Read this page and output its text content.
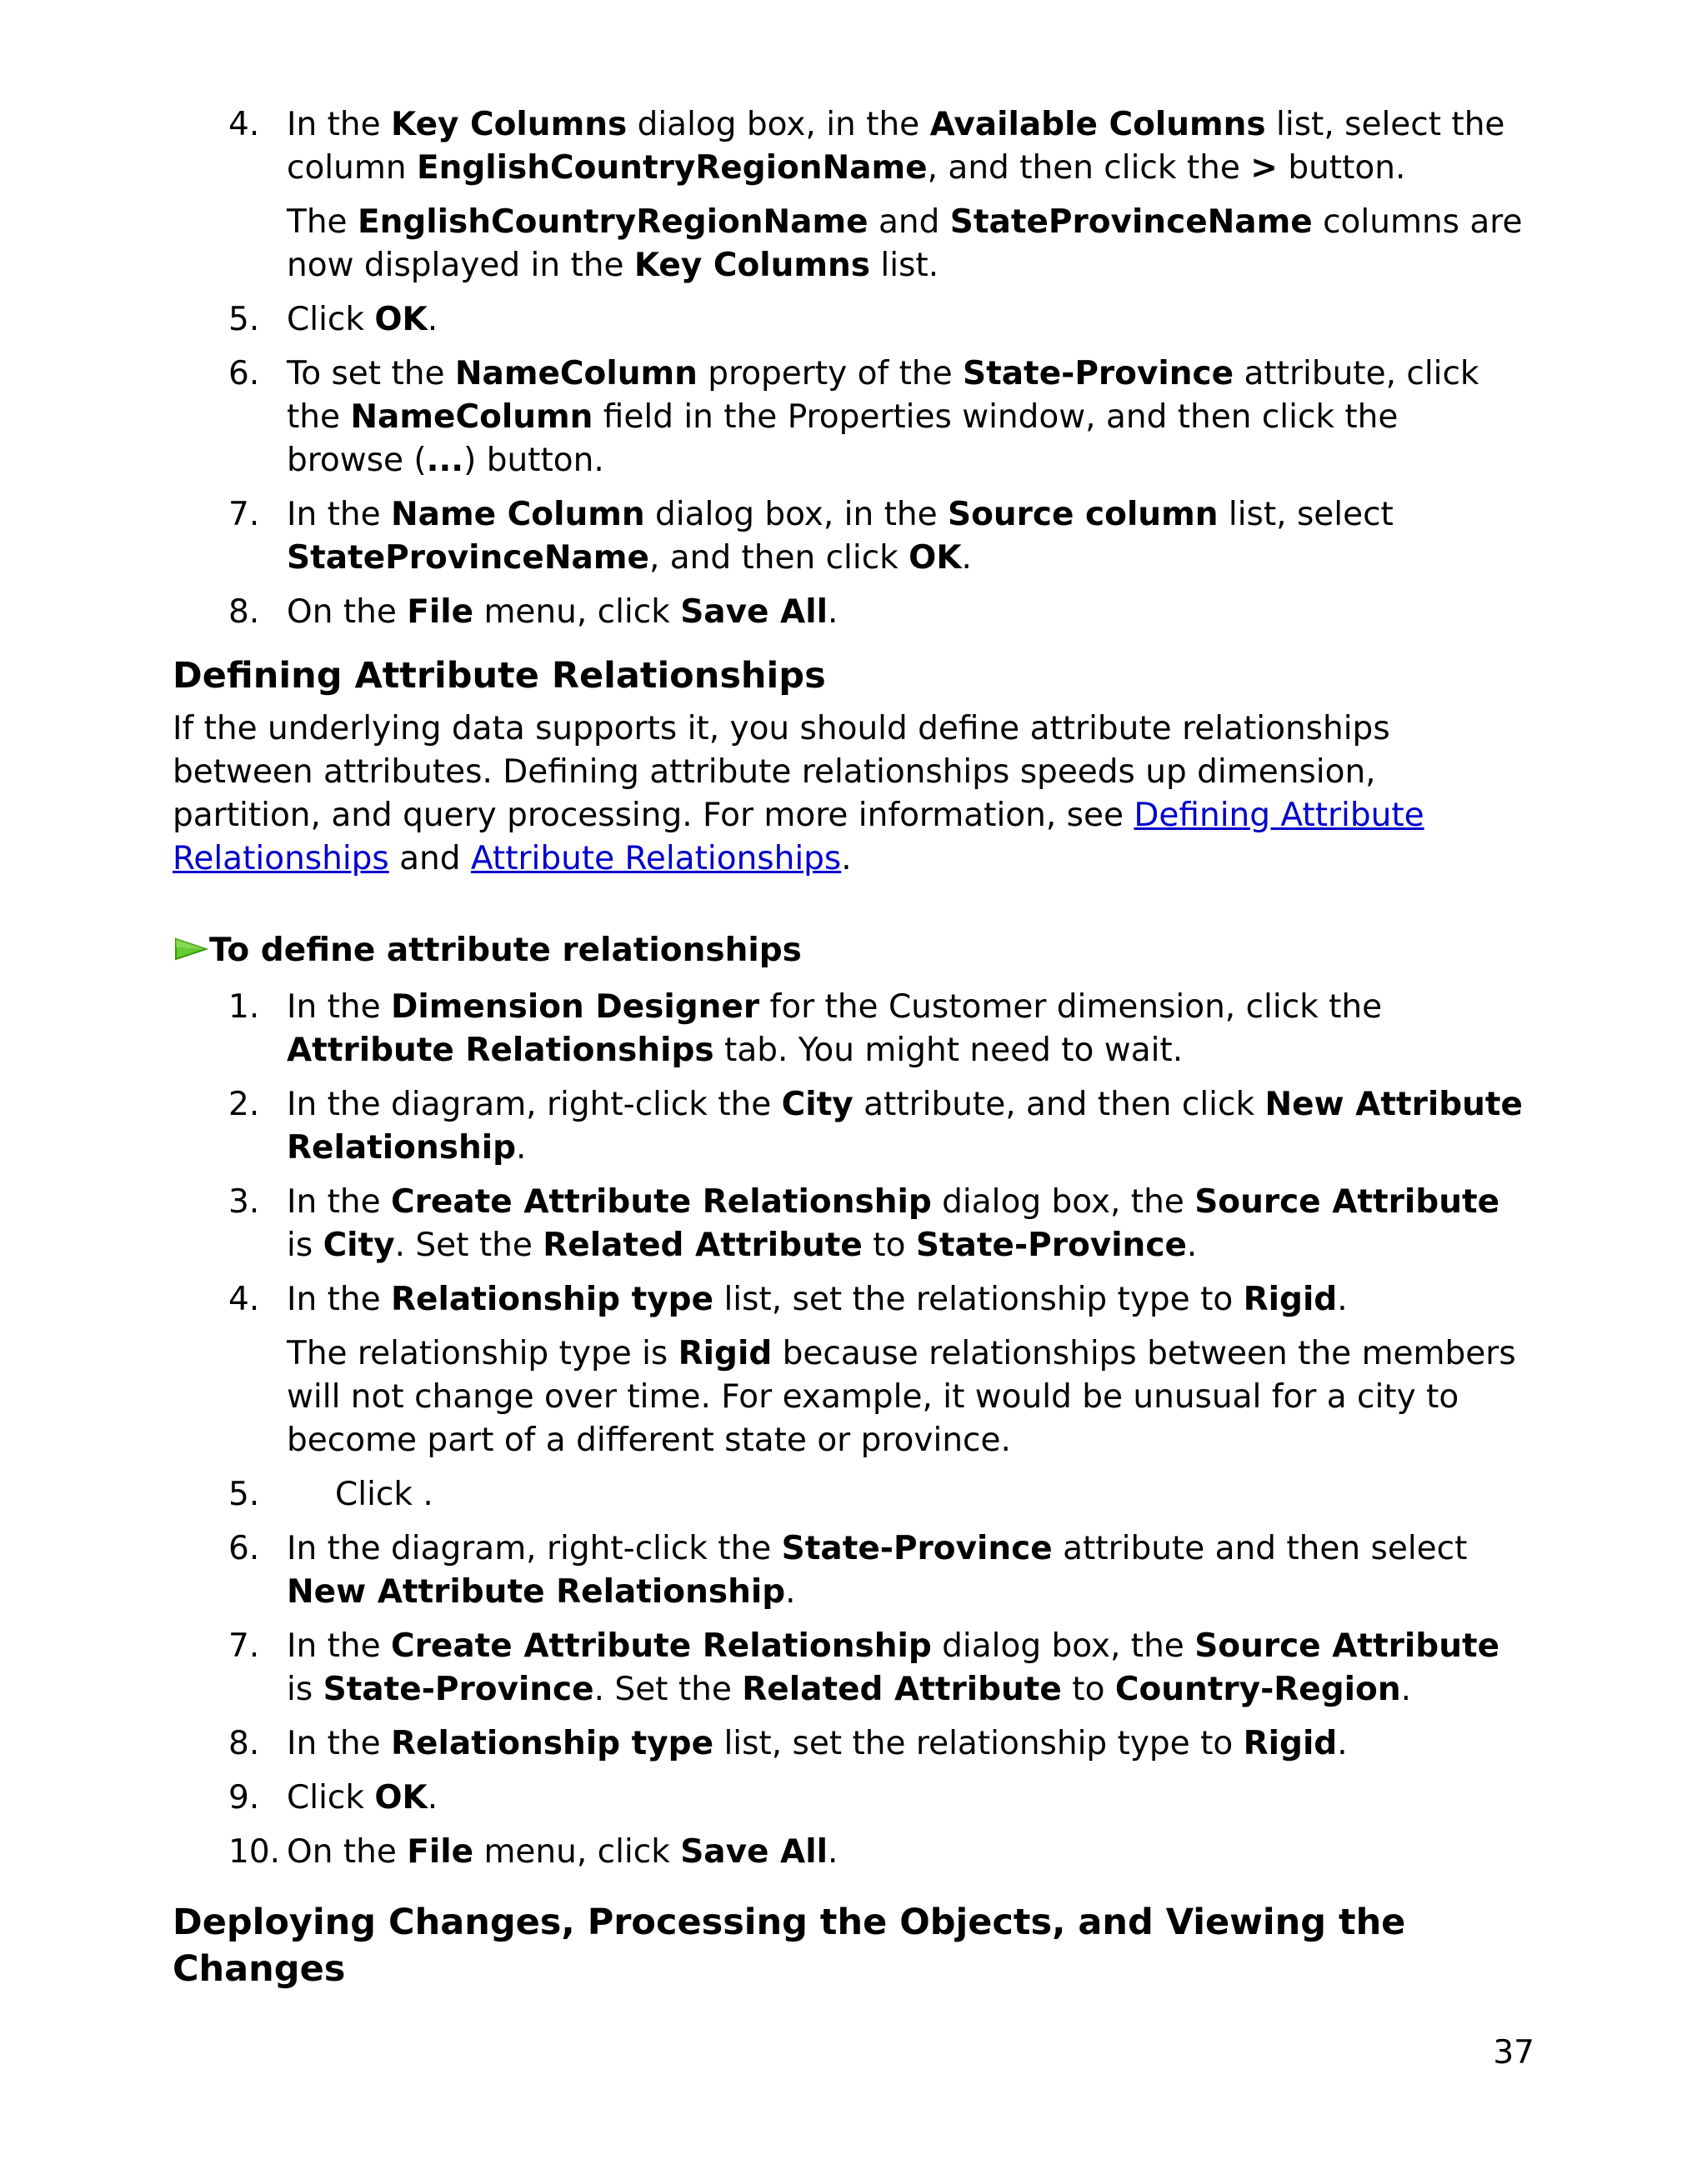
4. In the Key Columns dialog box, in the Available Columns list, select the column EnglishCountryRegionName, and then click the > button.

The EnglishCountryRegionName and StateProvinceName columns are now displayed in the Key Columns list.

5. Click OK.
6. To set the NameColumn property of the State-Province attribute, click the NameColumn field in the Properties window, and then click the browse (...) button.
7. In the Name Column dialog box, in the Source column list, select StateProvinceName, and then click OK.
8. On the File menu, click Save All.
Defining Attribute Relationships

If the underlying data supports it, you should define attribute relationships between attributes. Defining attribute relationships speeds up dimension, partition, and query processing. For more information, see Defining Attribute Relationships and Attribute Relationships.

To define attribute relationships
1. In the Dimension Designer for the Customer dimension, click the Attribute Relationships tab. You might need to wait.
2. In the diagram, right-click the City attribute, and then click New Attribute Relationship.
3. In the Create Attribute Relationship dialog box, the Source Attribute is City. Set the Related Attribute to State-Province.
4. In the Relationship type list, set the relationship type to Rigid.

The relationship type is Rigid because relationships between the members will not change over time. For example, it would be unusual for a city to become part of a different state or province.

5. Click .
6. In the diagram, right-click the State-Province attribute and then select New Attribute Relationship.
7. In the Create Attribute Relationship dialog box, the Source Attribute is State-Province. Set the Related Attribute to Country-Region.
8. In the Relationship type list, set the relationship type to Rigid.
9. Click OK.
10. On the File menu, click Save All.
Deploying Changes, Processing the Objects, and Viewing the Changes
37
